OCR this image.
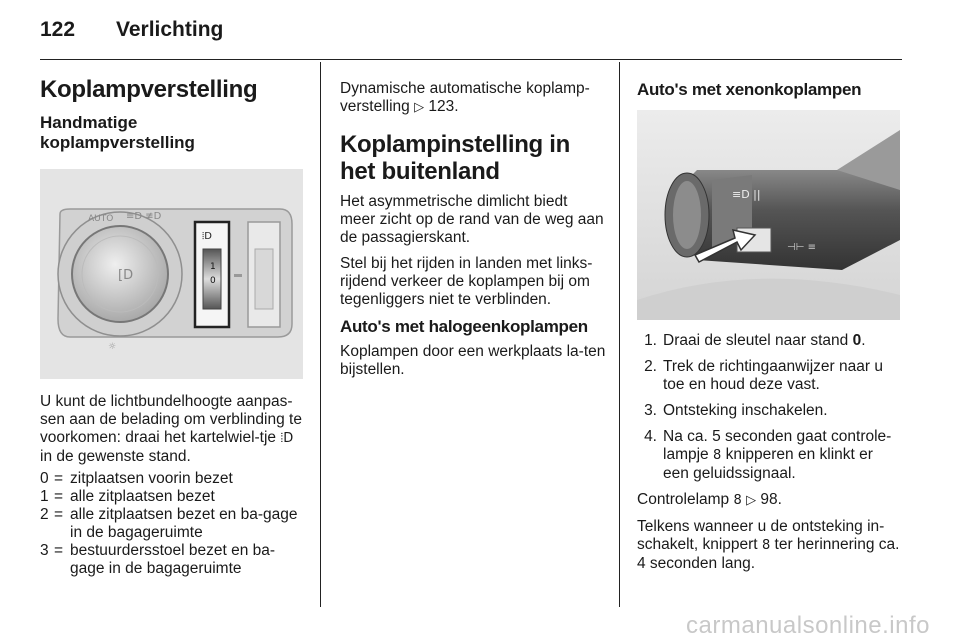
122 Verlichting
Koplampverstelling
Handmatige koplampverstelling
[D
AUTO ≡D ≢D
1
0
⦙D
☼

U kunt de lichtbundelhoogte aanpas-sen aan de belading om verblinding te voorkomen: draai het kartelwiel-tje ⦙D in de gewenste stand.

0 = zitplaatsen voorin bezet
1 = alle zitplaatsen bezet
2 = alle zitplaatsen bezet en ba-gage in de bagageruimte
3 = bestuurdersstoel bezet en ba-gage in de bagageruimte

Dynamische automatische koplamp-verstelling ▷ 123.

Koplampinstelling in het buitenland

Het asymmetrische dimlicht biedt meer zicht op de rand van de weg aan de passagierskant.

Stel bij het rijden in landen met links-rijdend verkeer de koplampen bij om tegenliggers niet te verblinden.

Auto's met halogeenkoplampen

Koplampen door een werkplaats la-ten bijstellen.

Auto's met xenonkoplampen
≡D ||
⊣⊢ ≡
1. Draai de sleutel naar stand 0.
2. Trek de richtingaanwijzer naar u toe en houd deze vast.
3. Ontsteking inschakelen.
4. Na ca. 5 seconden gaat controle-lampje 8 knipperen en klinkt er een geluidssignaal.

Controlelamp 8 ▷ 98.

Telkens wanneer u de ontsteking in-schakelt, knippert 8 ter herinnering ca. 4 seconden lang.

carmanualsonline.info
